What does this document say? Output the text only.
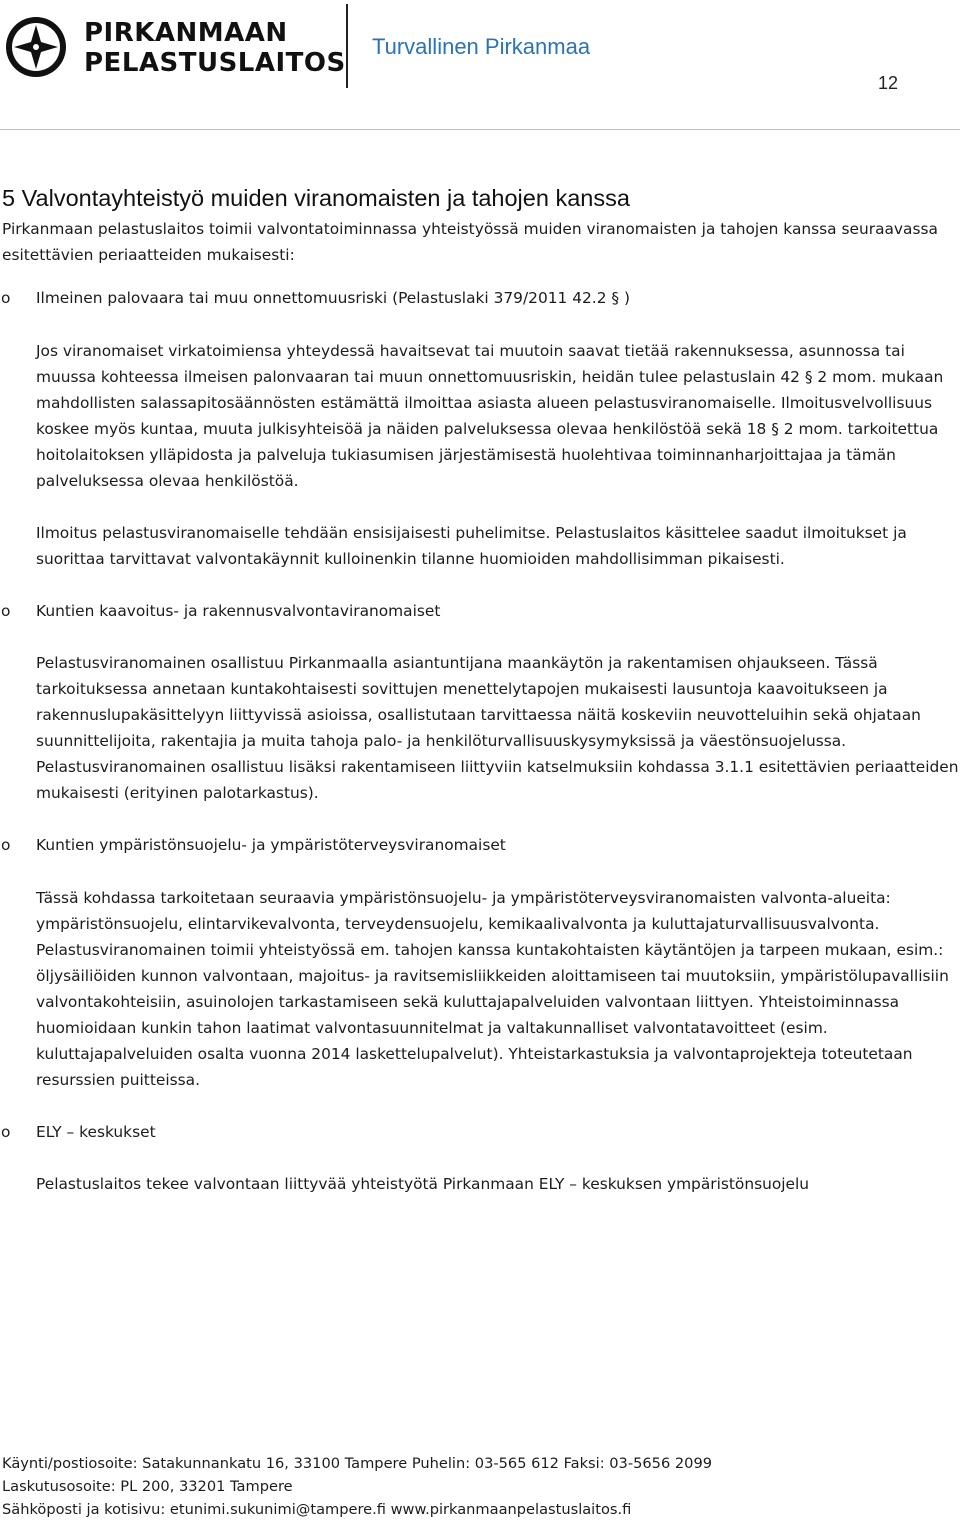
PIRKANMAAN
PELASTUSLAITOS
Turvallinen Pirkanmaa
12
5 Valvontayhteistyö muiden viranomaisten ja tahojen kanssa

Pirkanmaan pelastuslaitos toimii valvontatoiminnassa yhteistyössä muiden viranomaisten ja tahojen kanssa seuraavassa esitettävien periaatteiden mukaisesti:

o Ilmeinen palovaara tai muu onnettomuusriski (Pelastuslaki 379/2011 42.2 § )

Jos viranomaiset virkatoimiensa yhteydessä havaitsevat tai muutoin saavat tietää rakennuksessa, asunnossa tai muussa kohteessa ilmeisen palonvaaran tai muun onnettomuusriskin, heidän tulee pelastuslain 42 § 2 mom. mukaan mahdollisten salassapitosäännösten estämättä ilmoittaa asiasta alueen pelastusviranomaiselle. Ilmoitusvelvollisuus koskee myös kuntaa, muuta julkisyhteisöä ja näiden palveluksessa olevaa henkilöstöä sekä 18 § 2 mom. tarkoitettua hoitolaitoksen ylläpidosta ja palveluja tukiasumisen järjestämisestä huolehtivaa toiminnanharjoittajaa ja tämän palveluksessa olevaa henkilöstöä.

Ilmoitus pelastusviranomaiselle tehdään ensisijaisesti puhelimitse. Pelastuslaitos käsittelee saadut ilmoitukset ja suorittaa tarvittavat valvontakäynnit kulloinenkin tilanne huomioiden mahdollisimman pikaisesti.

o Kuntien kaavoitus- ja rakennusvalvontaviranomaiset

Pelastusviranomainen osallistuu Pirkanmaalla asiantuntijana maankäytön ja rakentamisen ohjaukseen. Tässä tarkoituksessa annetaan kuntakohtaisesti sovittujen menettelytapojen mukaisesti lausuntoja kaavoitukseen ja rakennuslupakäsittelyyn liittyvissä asioissa, osallistutaan tarvittaessa näitä koskeviin neuvotteluihin sekä ohjataan suunnittelijoita, rakentajia ja muita tahoja palo- ja henkilöturvallisuuskysymyksissä ja väestönsuojelussa. Pelastusviranomainen osallistuu lisäksi rakentamiseen liittyviin katselmuksiin kohdassa 3.1.1 esitettävien periaatteiden mukaisesti (erityinen palotarkastus).

o Kuntien ympäristönsuojelu- ja ympäristöterveysviranomaiset

Tässä kohdassa tarkoitetaan seuraavia ympäristönsuojelu- ja ympäristöterveysviranomaisten valvonta-alueita: ympäristönsuojelu, elintarvikevalvonta, terveydensuojelu, kemikaalivalvonta ja kuluttajaturvallisuusvalvonta. Pelastusviranomainen toimii yhteistyössä em. tahojen kanssa kuntakohtaisten käytäntöjen ja tarpeen mukaan, esim.: öljysäiliöiden kunnon valvontaan, majoitus- ja ravitsemisliikkeiden aloittamiseen tai muutoksiin, ympäristölupavallisiin valvontakohteisiin, asuinolojen tarkastamiseen sekä kuluttajapalveluiden valvontaan liittyen. Yhteistoiminnassa huomioidaan kunkin tahon laatimat valvontasuunnitelmat ja valtakunnalliset valvontatavoitteet (esim. kuluttajapalveluiden osalta vuonna 2014 laskettelupalvelut). Yhteistarkastuksia ja valvontaprojekteja toteutetaan resurssien puitteissa.

o ELY – keskukset

Pelastuslaitos tekee valvontaan liittyvää yhteistyötä Pirkanmaan ELY – keskuksen ympäristönsuojelu

Käynti/postiosoite: Satakunnankatu 16, 33100 Tampere Puhelin: 03-565 612 Faksi: 03-5656 2099
Laskutusosoite: PL 200, 33201 Tampere
Sähköposti ja kotisivu: etunimi.sukunimi@tampere.fi www.pirkanmaanpelastuslaitos.fi
